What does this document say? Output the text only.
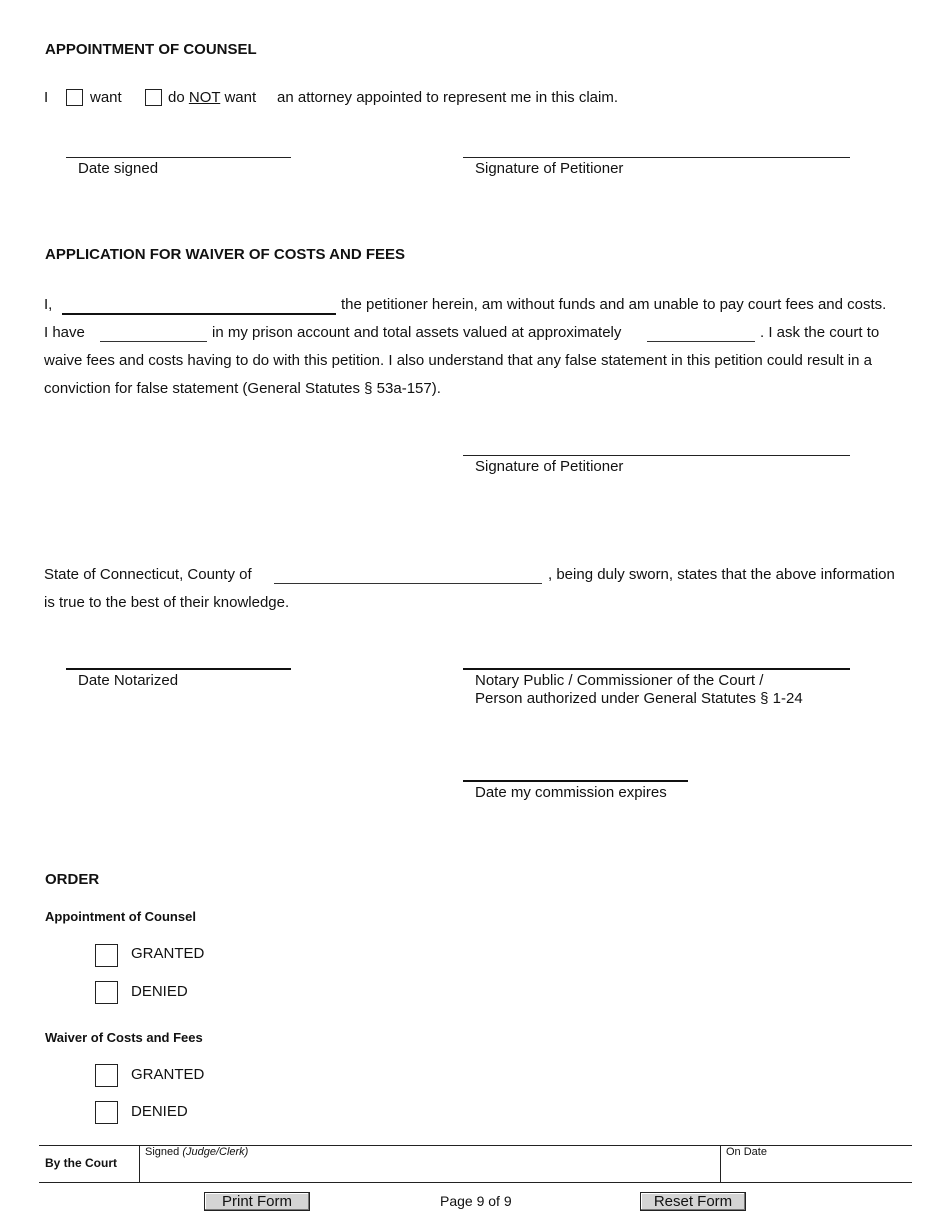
APPOINTMENT OF COUNSEL
I	want	do NOT want an attorney appointed to represent me in this claim.
Date signed	Signature of Petitioner
APPLICATION FOR WAIVER OF COSTS AND FEES
I,	the petitioner herein, am without funds and am unable to pay court fees and costs.
I have	in my prison account and total assets valued at approximately	. I ask the court to
waive fees and costs having to do with this petition. I also understand that any false statement in this petition could result in a
conviction for false statement (General Statutes § 53a-157).
Signature of Petitioner
State of Connecticut, County of	, being duly sworn, states that the above information
is true to the best of their knowledge.
Date Notarized	Notary Public / Commissioner of the Court /
Person authorized under General Statutes § 1-24
Date my commission expires
ORDER
Appointment of Counsel
GRANTED
DENIED
Waiver of Costs and Fees
GRANTED
DENIED
By the Court
Signed (Judge/Clerk)	On Date
Print Form	Page 9 of 9	Reset Form
